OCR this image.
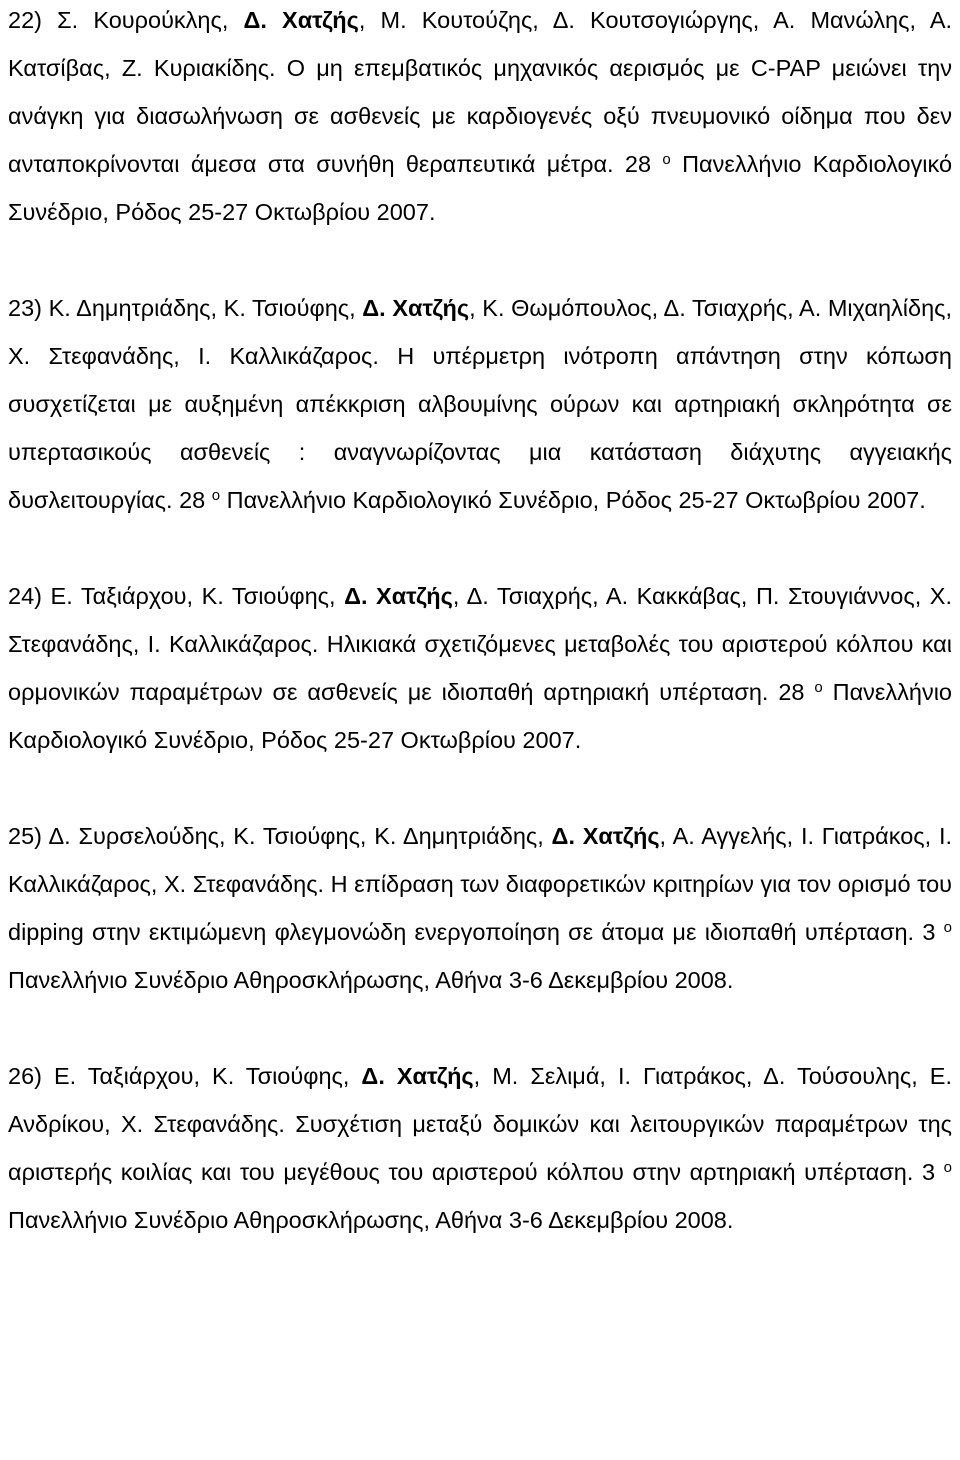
22) Σ. Κουρούκλης, Δ. Χατζής, Μ. Κουτούζης, Δ. Κουτσογιώργης, Α. Μανώλης, Α. Κατσίβας, Ζ. Κυριακίδης. Ο μη επεμβατικός μηχανικός αερισμός με C-PAP μειώνει την ανάγκη για διασωλήνωση σε ασθενείς με καρδιογενές οξύ πνευμονικό οίδημα που δεν ανταποκρίνονται άμεσα στα συνήθη θεραπευτικά μέτρα. 28 $^o$ Πανελλήνιο Καρδιολογικό Συνέδριο, Ρόδος 25-27 Οκτωβρίου 2007.

23) Κ. Δημητριάδης, Κ. Τσιούφης, Δ. Χατζής, Κ. Θωμόπουλος, Δ. Τσιαχρής, Α. Μιχαηλίδης, Χ. Στεφανάδης, Ι. Καλλικάζαρος. Η υπέρμετρη ινότροπη απάντηση στην κόπωση συσχετίζεται με αυξημένη απέκκριση αλβουμίνης ούρων και αρτηριακή σκληρότητα σε υπερτασικούς ασθενείς : αναγνωρίζοντας μια κατάσταση διάχυτης αγγειακής δυσλειτουργίας. 28 $^o$ Πανελλήνιο Καρδιολογικό Συνέδριο, Ρόδος 25-27 Οκτωβρίου 2007.

24) Ε. Ταξιάρχου, Κ. Τσιούφης, Δ. Χατζής, Δ. Τσιαχρής, Α. Κακκάβας, Π. Στουγιάννος, Χ. Στεφανάδης, Ι. Καλλικάζαρος. Ηλικιακά σχετιζόμενες μεταβολές του αριστερού κόλπου και ορμονικών παραμέτρων σε ασθενείς με ιδιοπαθή αρτηριακή υπέρταση. 28 $^o$ Πανελλήνιο Καρδιολογικό Συνέδριο, Ρόδος 25-27 Οκτωβρίου 2007.

25) Δ. Συρσελούδης, Κ. Τσιούφης, Κ. Δημητριάδης, Δ. Χατζής, Α. Αγγελής, Ι. Γιατράκος, Ι. Καλλικάζαρος, Χ. Στεφανάδης. Η επίδραση των διαφορετικών κριτηρίων για τον ορισμό του dipping στην εκτιμώμενη φλεγμονώδη ενεργοποίηση σε άτομα με ιδιοπαθή υπέρταση. 3 $^o$ Πανελλήνιο Συνέδριο Αθηροσκλήρωσης, Αθήνα 3-6 Δεκεμβρίου 2008.

26) Ε. Ταξιάρχου, Κ. Τσιούφης, Δ. Χατζής, Μ. Σελιμά, Ι. Γιατράκος, Δ. Τούσουλης, Ε. Ανδρίκου, Χ. Στεφανάδης. Συσχέτιση μεταξύ δομικών και λειτουργικών παραμέτρων της αριστερής κοιλίας και του μεγέθους του αριστερού κόλπου στην αρτηριακή υπέρταση. 3 $^o$ Πανελλήνιο Συνέδριο Αθηροσκλήρωσης, Αθήνα 3-6 Δεκεμβρίου 2008.
